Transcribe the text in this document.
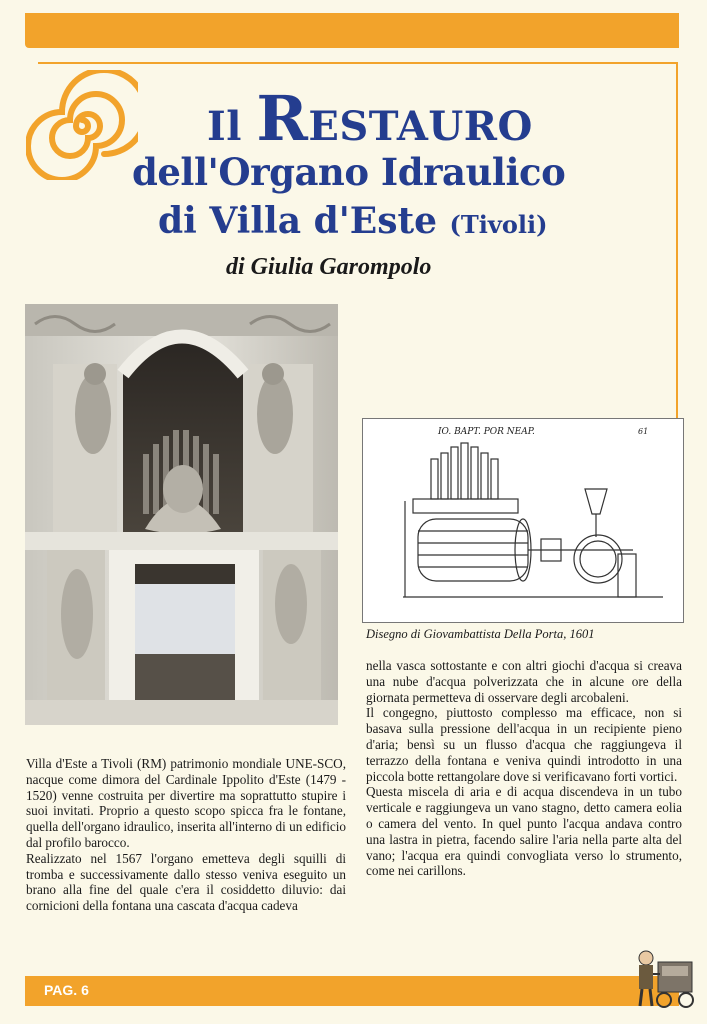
Il RESTAURO
dell'Organo Idraulico
di Villa d'Este (Tivoli)
di Giulia Garompolo
IO. BAPT. POR NEAP.	61
Disegno di Giovambattista Della Porta, 1601

Villa d'Este a Tivoli (RM) patrimonio mondiale UNE-SCO, nacque come dimora del Cardinale Ippolito d'Este (1479 - 1520) venne costruita per divertire ma soprattutto stupire i suoi invitati. Proprio a questo scopo spicca fra le fontane, quella dell'organo idraulico, inserita all'interno di un edificio dal profilo barocco.

Realizzato nel 1567 l'organo emetteva degli squilli di tromba e successivamente dallo stesso veniva eseguito un brano alla fine del quale c'era il cosiddetto diluvio: dai cornicioni della fontana una cascata d'acqua cadeva

nella vasca sottostante e con altri giochi d'acqua si creava una nube d'acqua polverizzata che in alcune ore della giornata permetteva di osservare degli arcobaleni.

Il congegno, piuttosto complesso ma efficace, non si basava sulla pressione dell'acqua in un recipiente pieno d'aria; bensì su un flusso d'acqua che raggiungeva il terrazzo della fontana e veniva quindi introdotto in una piccola botte rettangolare dove si verificavano forti vortici.

Questa miscela di aria e di acqua discendeva in un tubo verticale e raggiungeva un vano stagno, detto camera eolia o camera del vento. In quel punto l'acqua andava contro una lastra in pietra, facendo salire l'aria nella parte alta del vano; l'acqua era quindi convogliata verso lo strumento, come nei carillons.

PAG. 6
